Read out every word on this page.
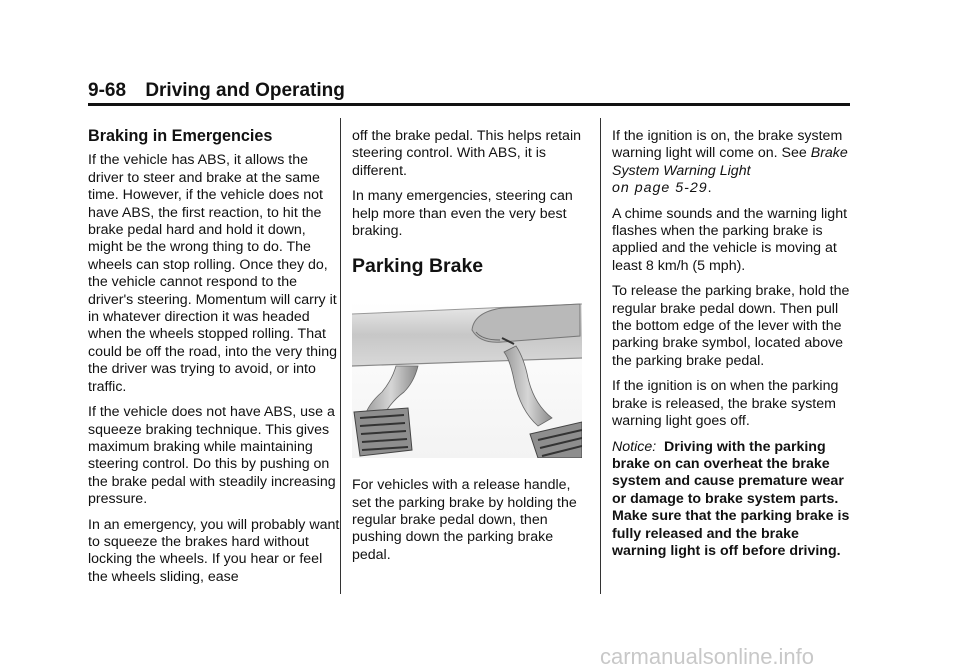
9-68 Driving and Operating
Braking in Emergencies

If the vehicle has ABS, it allows the driver to steer and brake at the same time. However, if the vehicle does not have ABS, the first reaction, to hit the brake pedal hard and hold it down, might be the wrong thing to do. The wheels can stop rolling. Once they do, the vehicle cannot respond to the driver's steering. Momentum will carry it in whatever direction it was headed when the wheels stopped rolling. That could be off the road, into the very thing the driver was trying to avoid, or into traffic.

If the vehicle does not have ABS, use a squeeze braking technique. This gives maximum braking while maintaining steering control. Do this by pushing on the brake pedal with steadily increasing pressure.

In an emergency, you will probably want to squeeze the brakes hard without locking the wheels. If you hear or feel the wheels sliding, ease

off the brake pedal. This helps retain steering control. With ABS, it is different.

In many emergencies, steering can help more than even the very best braking.

Parking Brake

For vehicles with a release handle, set the parking brake by holding the regular brake pedal down, then pushing down the parking brake pedal.

If the ignition is on, the brake system warning light will come on. See Brake System Warning Light
on page 5-29.

A chime sounds and the warning light flashes when the parking brake is applied and the vehicle is moving at least 8 km/h (5 mph).

To release the parking brake, hold the regular brake pedal down. Then pull the bottom edge of the lever with the parking brake symbol, located above the parking brake pedal.

If the ignition is on when the parking brake is released, the brake system warning light goes off.

Notice: Driving with the parking brake on can overheat the brake system and cause premature wear or damage to brake system parts. Make sure that the parking brake is fully released and the brake warning light is off before driving.

carmanualsonline.info
